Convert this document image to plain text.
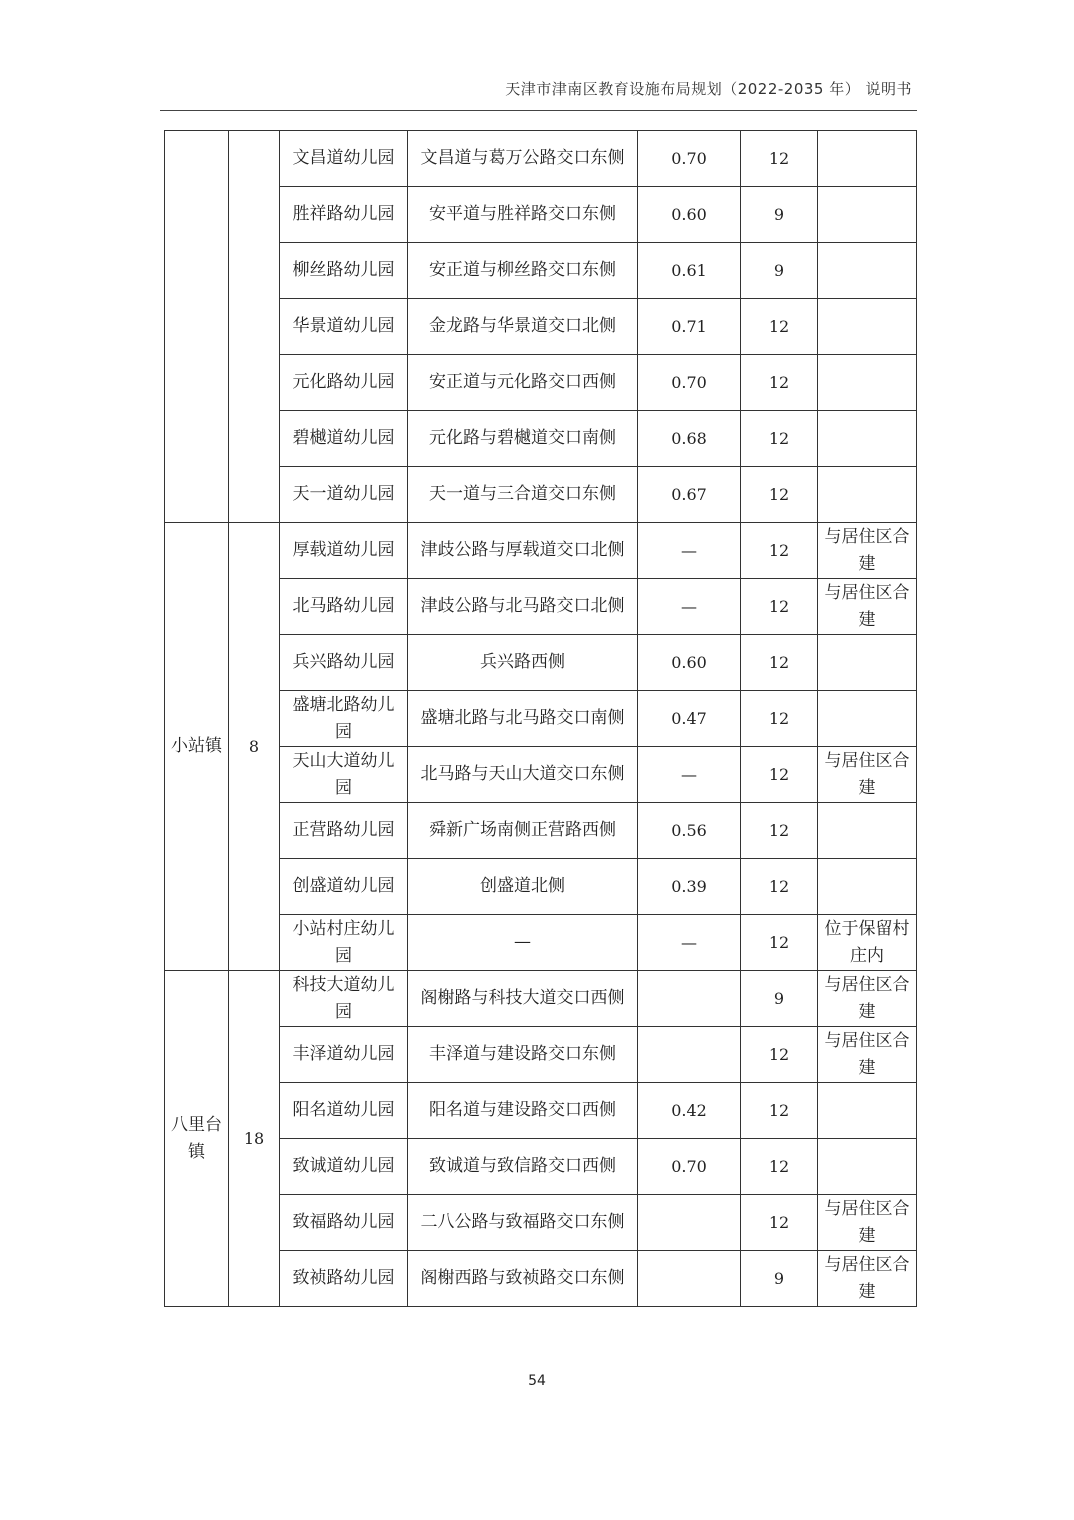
天津市津南区教育设施布局规划（2022-2035 年） 说明书
		文昌道幼儿园	文昌道与葛万公路交口东侧	0.70	12	
		胜祥路幼儿园	安平道与胜祥路交口东侧	0.60	9	
		柳丝路幼儿园	安正道与柳丝路交口东侧	0.61	9	
		华景道幼儿园	金龙路与华景道交口北侧	0.71	12	
		元化路幼儿园	安正道与元化路交口西侧	0.70	12	
		碧樾道幼儿园	元化路与碧樾道交口南侧	0.68	12	
		天一道幼儿园	天一道与三合道交口东侧	0.67	12	
小站镇	8	厚载道幼儿园	津歧公路与厚载道交口北侧	—	12	与居住区合建
		北马路幼儿园	津歧公路与北马路交口北侧	—	12	与居住区合建
		兵兴路幼儿园	兵兴路西侧	0.60	12	
		盛塘北路幼儿园	盛塘北路与北马路交口南侧	0.47	12	
		天山大道幼儿园	北马路与天山大道交口东侧	—	12	与居住区合建
		正营路幼儿园	舜新广场南侧正营路西侧	0.56	12	
		创盛道幼儿园	创盛道北侧	0.39	12	
		小站村庄幼儿园	—	—	12	位于保留村庄内
八里台镇	18	科技大道幼儿园	阁榭路与科技大道交口西侧		9	与居住区合建
		丰泽道幼儿园	丰泽道与建设路交口东侧		12	与居住区合建
		阳名道幼儿园	阳名道与建设路交口西侧	0.42	12	
		致诚道幼儿园	致诚道与致信路交口西侧	0.70	12	
		致福路幼儿园	二八公路与致福路交口东侧		12	与居住区合建
		致祯路幼儿园	阁榭西路与致祯路交口东侧		9	与居住区合建
54
